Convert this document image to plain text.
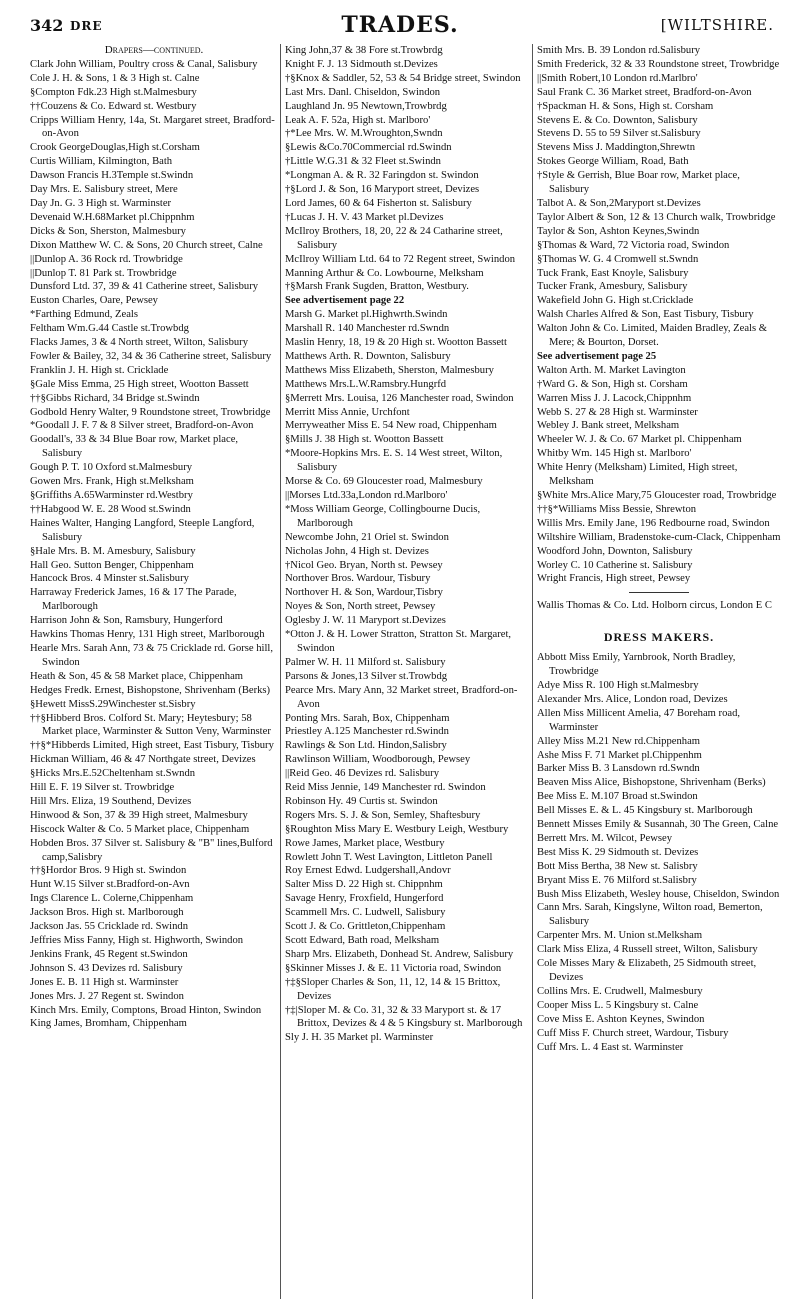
342 DRE	TRADES.	[WILTSHIRE.
Drapers—continued.
Clark John William, Poultry cross & Canal, Salisbury
Cole J. H. & Sons, 1 & 3 High st. Calne
§Compton Fdk.23 High st.Malmesbury
††Couzens & Co. Edward st. Westbury
Cripps William Henry, 14a, St. Margaret street, Bradford-on-Avon
Crook GeorgeDouglas,High st.Corsham
Curtis William, Kilmington, Bath
Dawson Francis H.3Temple st.Swindn
Day Mrs. E. Salisbury street, Mere
Day Jn. G. 3 High st. Warminster
Devenaid W.H.68Market pl.Chippnhm
Dicks & Son, Sherston, Malmesbury
Dixon Matthew W. C. & Sons, 20 Church street, Calne
||Dunlop A. 36 Rock rd. Trowbridge
||Dunlop T. 81 Park st. Trowbridge
Dunsford Ltd. 37, 39 & 41 Catherine street, Salisbury
Euston Charles, Oare, Pewsey
*Farthing Edmund, Zeals
Feltham Wm.G.44 Castle st.Trowbdg
Flacks James, 3 & 4 North street, Wilton, Salisbury
Fowler & Bailey, 32, 34 & 36 Catherine street, Salisbury
Franklin J. H. High st. Cricklade
§Gale Miss Emma, 25 High street, Wootton Bassett
††§Gibbs Richard, 34 Bridge st.Swindn
Godbold Henry Walter, 9 Roundstone street, Trowbridge
*Goodall J. F. 7 & 8 Silver street, Bradford-on-Avon
Goodall's, 33 & 34 Blue Boar row, Market place, Salisbury
Gough P. T. 10 Oxford st.Malmesbury
Gowen Mrs. Frank, High st.Melksham
§Griffiths A.65Warminster rd.Westbry
††Habgood W. E. 28 Wood st.Swindn
Haines Walter, Hanging Langford, Steeple Langford, Salisbury
§Hale Mrs. B. M. Amesbury, Salisbury
Hall Geo. Sutton Benger, Chippenham
Hancock Bros. 4 Minster st.Salisbury
Harraway Frederick James, 16 & 17 The Parade, Marlborough
Harrison John & Son, Ramsbury, Hungerford
Hawkins Thomas Henry, 131 High street, Marlborough
Hearle Mrs. Sarah Ann, 73 & 75 Cricklade rd. Gorse hill, Swindon
Heath & Son, 45 & 58 Market place, Chippenham
Hedges Fredk. Ernest, Bishopstone, Shrivenham (Berks)
§Hewett MissS.29Winchester st.Sisbry
††§Hibberd Bros. Colford St. Mary; Heytesbury; 58 Market place, Warminster & Sutton Veny, Warminster
††§*Hibberds Limited, High street, East Tisbury, Tisbury
Hickman William, 46 & 47 Northgate street, Devizes
§Hicks Mrs.E.52Cheltenham st.Swndn
Hill E. F. 19 Silver st. Trowbridge
Hill Mrs. Eliza, 19 Southend, Devizes
Hinwood & Son, 37 & 39 High street, Malmesbury
Hiscock Walter & Co. 5 Market place, Chippenham
Hobden Bros. 37 Silver st. Salisbury & "B" lines,Bulford camp,Salisbry
††§Hordor Bros. 9 High st. Swindon
Hunt W.15 Silver st.Bradford-on-Avn
Ings Clarence L. Colerne,Chippenham
Jackson Bros. High st. Marlborough
Jackson Jas. 55 Cricklade rd. Swindn
Jeffries Miss Fanny, High st. Highworth, Swindon
Jenkins Frank, 45 Regent st.Swindon
Johnson S. 43 Devizes rd. Salisbury
Jones E. B. 11 High st. Warminster
Jones Mrs. J. 27 Regent st. Swindon
Kinch Mrs. Emily, Comptons, Broad Hinton, Swindon
King James, Bromham, Chippenham
King John,37 & 38 Fore st.Trowbrdg
Knight F. J. 13 Sidmouth st.Devizes
†§Knox & Saddler, 52, 53 & 54 Bridge street, Swindon
Last Mrs. Danl. Chiseldon, Swindon
Laughland Jn. 95 Newtown,Trowbrdg
Leak A. F. 52a, High st. Marlboro'
†*Lee Mrs. W. M.Wroughton,Swndn
§Lewis &Co.70Commercial rd.Swindn
†Little W.G.31 & 32 Fleet st.Swindn
*Longman A. & R. 32 Faringdon st. Swindon
†§Lord J. & Son, 16 Maryport street, Devizes
Lord James, 60 & 64 Fisherton st. Salisbury
†Lucas J. H. V. 43 Market pl.Devizes
McIlroy Brothers, 18, 20, 22 & 24 Catharine street, Salisbury
McIlroy William Ltd. 64 to 72 Regent street, Swindon
Manning Arthur & Co. Lowbourne, Melksham
†§Marsh Frank Sugden, Bratton, Westbury.
See advertisement page 22
Marsh G. Market pl.Highwrth.Swindn
Marshall R. 140 Manchester rd.Swndn
Maslin Henry, 18, 19 & 20 High st. Wootton Bassett
Matthews Arth. R. Downton, Salisbury
Matthews Miss Elizabeth, Sherston, Malmesbury
Matthews Mrs.L.W.Ramsbry.Hungrfd
§Merrett Mrs. Louisa, 126 Manchester road, Swindon
Merritt Miss Annie, Urchfont
Merryweather Miss E. 54 New road, Chippenham
§Mills J. 38 High st. Wootton Bassett
*Moore-Hopkins Mrs. E. S. 14 West street, Wilton, Salisbury
Morse & Co. 69 Gloucester road, Malmesbury
||Morses Ltd.33a,London rd.Marlboro'
*Moss William George, Collingbourne Ducis, Marlborough
Newcombe John, 21 Oriel st. Swindon
Nicholas John, 4 High st. Devizes
†Nicol Geo. Bryan, North st. Pewsey
Northover Bros. Wardour, Tisbury
Northover H. & Son, Wardour,Tisbry
Noyes & Son, North street, Pewsey
Oglesby J. W. 11 Maryport st.Devizes
*Otton J. & H. Lower Stratton, Stratton St. Margaret, Swindon
Palmer W. H. 11 Milford st. Salisbury
Parsons & Jones,13 Silver st.Trowbdg
Pearce Mrs. Mary Ann, 32 Market street, Bradford-on-Avon
Ponting Mrs. Sarah, Box, Chippenham
Priestley A.125 Manchester rd.Swindn
Rawlings & Son Ltd. Hindon,Salisbry
Rawlinson William, Woodborough, Pewsey
||Reid Geo. 46 Devizes rd. Salisbury
Reid Miss Jennie, 149 Manchester rd. Swindon
Robinson Hy. 49 Curtis st. Swindon
Rogers Mrs. S. J. & Son, Semley, Shaftesbury
§Roughton Miss Mary E. Westbury Leigh, Westbury
Rowe James, Market place, Westbury
Rowlett John T. West Lavington, Littleton Panell
Roy Ernest Edwd. Ludgershall,Andovr
Salter Miss D. 22 High st. Chippnhm
Savage Henry, Froxfield, Hungerford
Scammell Mrs. C. Ludwell, Salisbury
Scott J. & Co. Grittleton,Chippenham
Scott Edward, Bath road, Melksham
Sharp Mrs. Elizabeth, Donhead St. Andrew, Salisbury
§Skinner Misses J. & E. 11 Victoria road, Swindon
†‡§Sloper Charles & Son, 11, 12, 14 & 15 Brittox, Devizes
†‡|Sloper M. & Co. 31, 32 & 33 Maryport st. & 17 Brittox, Devizes & 4 & 5 Kingsbury st. Marlborough
Sly J. H. 35 Market pl. Warminster
Smith Mrs. B. 39 London rd.Salisbury
Smith Frederick, 32 & 33 Roundstone street, Trowbridge
||Smith Robert,10 London rd.Marlbro'
Saul Frank C. 36 Market street, Bradford-on-Avon
†Spackman H. & Sons, High st. Corsham
Stevens E. & Co. Downton, Salisbury
Stevens D. 55 to 59 Silver st.Salisbury
Stevens Miss J. Maddington,Shrewtn
Stokes George William, Road, Bath
†Style & Gerrish, Blue Boar row, Market place, Salisbury
Talbot A. & Son,2Maryport st.Devizes
Taylor Albert & Son, 12 & 13 Church walk, Trowbridge
Taylor & Son, Ashton Keynes,Swindn
§Thomas & Ward, 72 Victoria road, Swindon
§Thomas W. G. 4 Cromwell st.Swndn
Tuck Frank, East Knoyle, Salisbury
Tucker Frank, Amesbury, Salisbury
Wakefield John G. High st.Cricklade
Walsh Charles Alfred & Son, East Tisbury, Tisbury
Walton John & Co. Limited, Maiden Bradley, Zeals & Mere; & Bourton, Dorset.
See advertisement page 25
Walton Arth. M. Market Lavington
†Ward G. & Son, High st. Corsham
Warren Miss J. J. Lacock,Chippnhm
Webb S. 27 & 28 High st. Warminster
Webley J. Bank street, Melksham
Wheeler W. J. & Co. 67 Market pl. Chippenham
Whitby Wm. 145 High st. Marlboro'
White Henry (Melksham) Limited, High street, Melksham
§White Mrs.Alice Mary,75 Gloucester road, Trowbridge
††§*Williams Miss Bessie, Shrewton
Willis Mrs. Emily Jane, 196 Redbourne road, Swindon
Wiltshire William, Bradenstoke-cum-Clack, Chippenham
Woodford John, Downton, Salisbury
Worley C. 10 Catherine st. Salisbury
Wright Francis, High street, Pewsey
Wallis Thomas & Co. Ltd. Holborn circus, London E C
DRESS MAKERS.
Abbott Miss Emily, Yarnbrook, North Bradley, Trowbridge
Adye Miss R. 100 High st.Malmesbry
Alexander Mrs. Alice, London road, Devizes
Allen Miss Millicent Amelia, 47 Boreham road, Warminster
Alley Miss M.21 New rd.Chippenham
Ashe Miss F. 71 Market pl.Chippenhm
Barker Miss B. 3 Lansdown rd.Swndn
Beaven Miss Alice, Bishopstone, Shrivenham (Berks)
Bee Miss E. M.107 Broad st.Swindon
Bell Misses E. & L. 45 Kingsbury st. Marlborough
Bennett Misses Emily & Susannah, 30 The Green, Calne
Berrett Mrs. M. Wilcot, Pewsey
Best Miss K. 29 Sidmouth st. Devizes
Bott Miss Bertha, 38 New st. Salisbry
Bryant Miss E. 76 Milford st.Salisbry
Bush Miss Elizabeth, Wesley house, Chiseldon, Swindon
Cann Mrs. Sarah, Kingslyne, Wilton road, Bemerton, Salisbury
Carpenter Mrs. M. Union st.Melksham
Clark Miss Eliza, 4 Russell street, Wilton, Salisbury
Cole Misses Mary & Elizabeth, 25 Sidmouth street, Devizes
Collins Mrs. E. Crudwell, Malmesbury
Cooper Miss L. 5 Kingsbury st. Calne
Cove Miss E. Ashton Keynes, Swindon
Cuff Miss F. Church street, Wardour, Tisbury
Cuff Mrs. L. 4 East st. Warminster
